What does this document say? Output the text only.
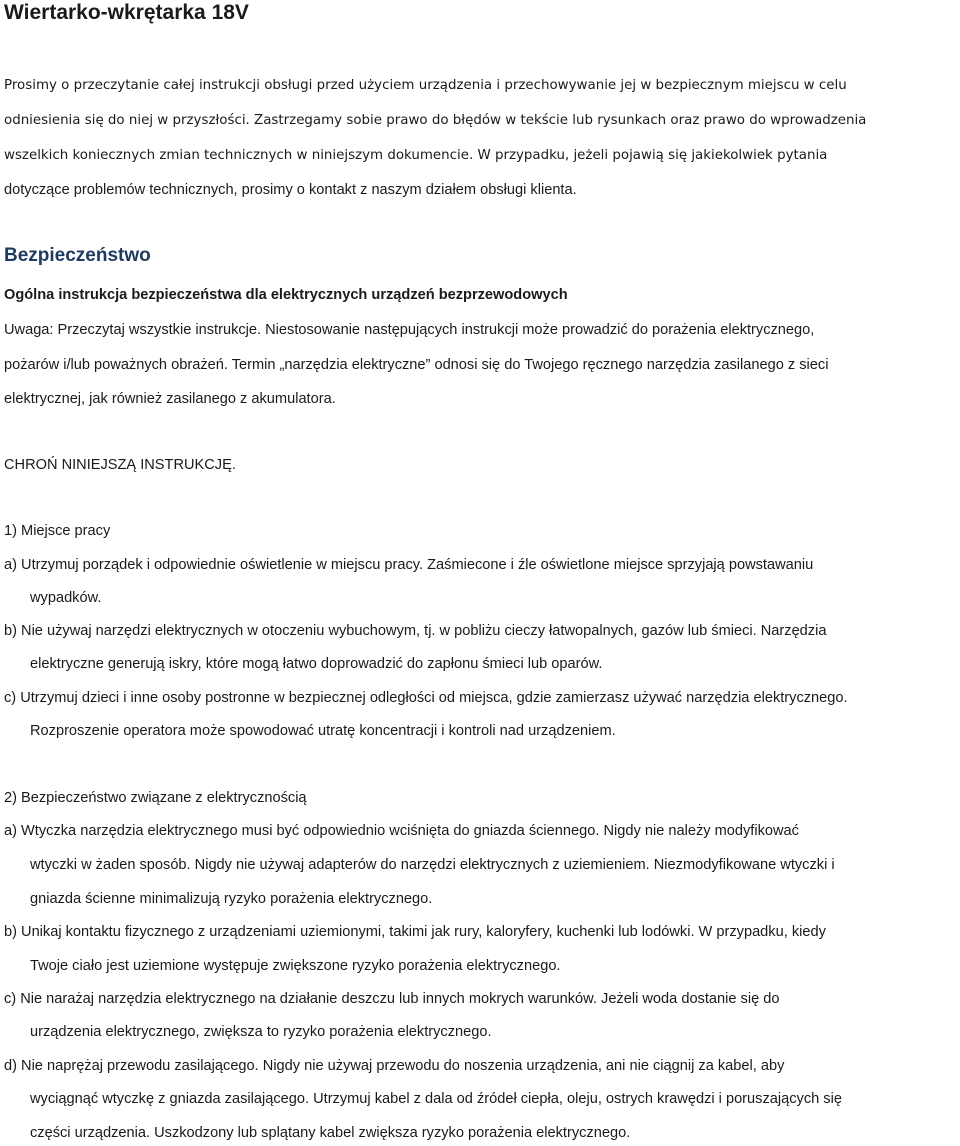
Wiertarko-wkrętarka 18V

Prosimy o przeczytanie całej instrukcji obsługi przed użyciem urządzenia i przechowywanie jej w bezpiecznym miejscu w celu

odniesienia się do niej w przyszłości. Zastrzegamy sobie prawo do błędów w tekście lub rysunkach oraz prawo do wprowadzenia

wszelkich koniecznych zmian technicznych w niniejszym dokumencie. W przypadku, jeżeli pojawią się jakiekolwiek pytania

dotyczące problemów technicznych, prosimy o kontakt z naszym działem obsługi klienta.

Bezpieczeństwo
Ogólna instrukcja bezpieczeństwa dla elektrycznych urządzeń bezprzewodowych

Uwaga: Przeczytaj wszystkie instrukcje. Niestosowanie następujących instrukcji może prowadzić do porażenia elektrycznego,

pożarów i/lub poważnych obrażeń. Termin „narzędzia elektryczne” odnosi się do Twojego ręcznego narzędzia zasilanego z sieci

elektrycznej, jak również zasilanego z akumulatora.

CHROŃ NINIEJSZĄ INSTRUKCJĘ.

1) Miejsce pracy

a) Utrzymuj porządek i odpowiednie oświetlenie w miejscu pracy. Zaśmiecone i źle oświetlone miejsce sprzyjają powstawaniu

wypadków.

b) Nie używaj narzędzi elektrycznych w otoczeniu wybuchowym, tj. w pobliżu cieczy łatwopalnych, gazów lub śmieci. Narzędzia

elektryczne generują iskry, które mogą łatwo doprowadzić do zapłonu śmieci lub oparów.

c) Utrzymuj dzieci i inne osoby postronne w bezpiecznej odległości od miejsca, gdzie zamierzasz używać narzędzia elektrycznego.

Rozproszenie operatora może spowodować utratę koncentracji i kontroli nad urządzeniem.

2) Bezpieczeństwo związane z elektrycznością

a) Wtyczka narzędzia elektrycznego musi być odpowiednio wciśnięta do gniazda ściennego. Nigdy nie należy modyfikować

wtyczki w żaden sposób. Nigdy nie używaj adapterów do narzędzi elektrycznych z uziemieniem. Niezmodyfikowane wtyczki i

gniazda ścienne minimalizują ryzyko porażenia elektrycznego.

b) Unikaj kontaktu fizycznego z urządzeniami uziemionymi, takimi jak rury, kaloryfery, kuchenki lub lodówki. W przypadku, kiedy

Twoje ciało jest uziemione występuje zwiększone ryzyko porażenia elektrycznego.

c) Nie narażaj narzędzia elektrycznego na działanie deszczu lub innych mokrych warunków. Jeżeli woda dostanie się do

urządzenia elektrycznego, zwiększa to ryzyko porażenia elektrycznego.

d) Nie naprężaj przewodu zasilającego. Nigdy nie używaj przewodu do noszenia urządzenia, ani nie ciągnij za kabel, aby

wyciągnąć wtyczkę z gniazda zasilającego. Utrzymuj kabel z dala od źródeł ciepła, oleju, ostrych krawędzi i poruszających się

części urządzenia. Uszkodzony lub splątany kabel zwiększa ryzyko porażenia elektrycznego.
